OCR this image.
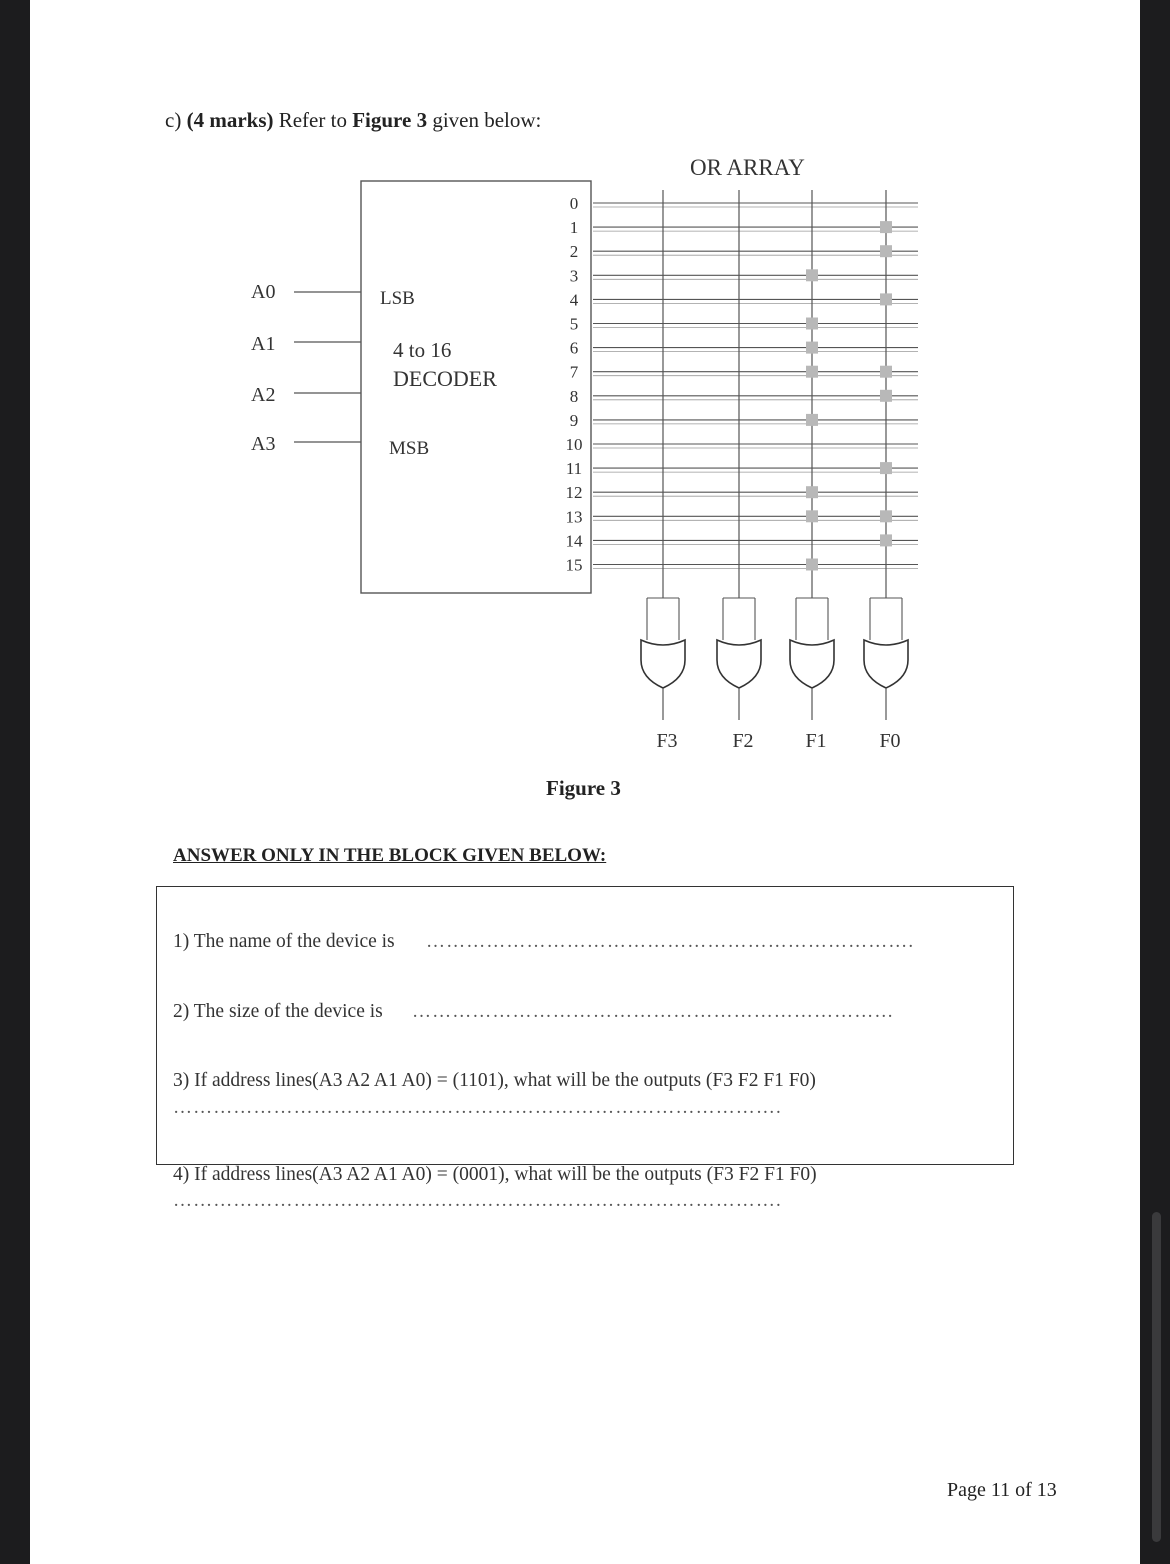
c) (4 marks) Refer to Figure 3 given below:
OR ARRAY
LSB
4 to 16
DECODER
MSB
A0
A1
A2
A3
0
1
2
3
4
5
6
7
8
9
10
11
12
13
14
15
F3	F2	F1	F0
Figure 3
ANSWER ONLY IN THE BLOCK GIVEN BELOW:
1) The name of the device is ……………………………………………………………….
2) The size of the device is ………………………………………………………………
3) If address lines(A3 A2 A1 A0) = (1101), what will be the outputs (F3 F2 F1 F0)
……………………………………………………………………………….
4) If address lines(A3 A2 A1 A0) = (0001), what will be the outputs (F3 F2 F1 F0)
……………………………………………………………………………….
Page 11 of 13
